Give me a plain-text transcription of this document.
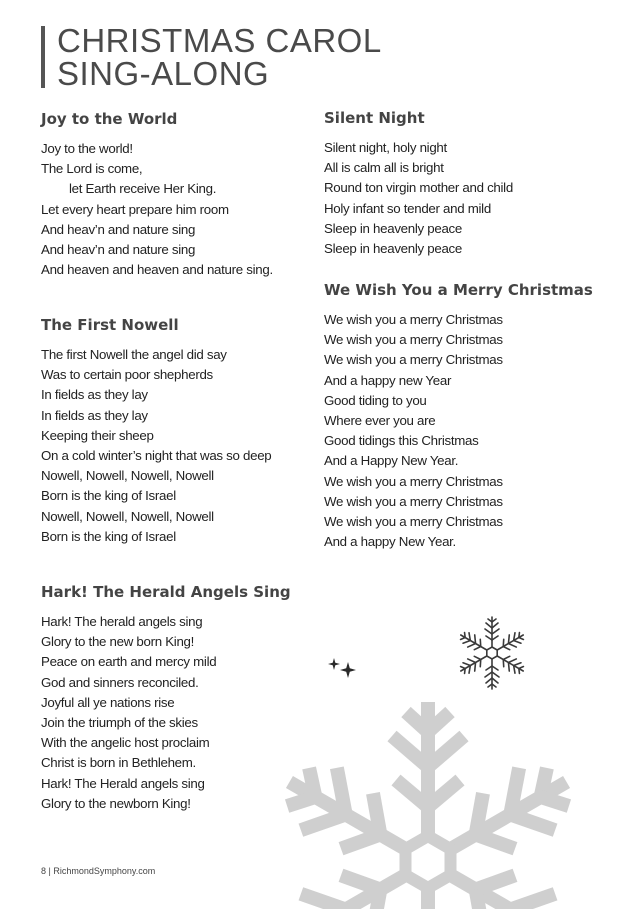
CHRISTMAS CAROL
SING-ALONG
Joy to the World
Joy to the world!
The Lord is come,
let Earth receive Her King.
Let every heart prepare him room
And heav’n and nature sing
And heav’n and nature sing
And heaven and heaven and nature sing.
The First Nowell
The first Nowell the angel did say
Was to certain poor shepherds
In fields as they lay
In fields as they lay
Keeping their sheep
On a cold winter’s night that was so deep
Nowell, Nowell, Nowell, Nowell
Born is the king of Israel
Nowell, Nowell, Nowell, Nowell
Born is the king of Israel
Hark! The Herald Angels Sing
Hark! The herald angels sing
Glory to the new born King!
Peace on earth and mercy mild
God and sinners reconciled.
Joyful all ye nations rise
Join the triumph of the skies
With the angelic host proclaim
Christ is born in Bethlehem.
Hark! The Herald angels sing
Glory to the newborn King!
Silent Night
Silent night, holy night
All is calm all is bright
Round ton virgin mother and child
Holy infant so tender and mild
Sleep in heavenly peace
Sleep in heavenly peace
We Wish You a Merry Christmas
We wish you a merry Christmas
We wish you a merry Christmas
We wish you a merry Christmas
And a happy new Year
Good tiding to you
Where ever you are
Good tidings this Christmas
And a Happy New Year.
We wish you a merry Christmas
We wish you a merry Christmas
We wish you a merry Christmas
And a happy New Year.
8 | RichmondSymphony.com
